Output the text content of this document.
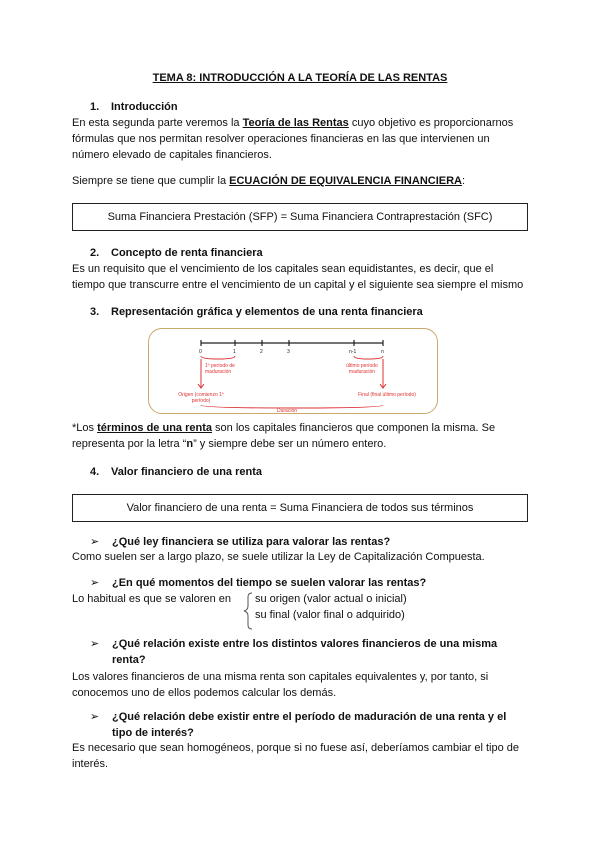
TEMA 8: INTRODUCCIÓN A LA TEORÍA DE LAS RENTAS
1. Introducción
En esta segunda parte veremos la Teoría de las Rentas cuyo objetivo es proporcionarnos
fórmulas que nos permitan resolver operaciones financieras en las que intervienen un
número elevado de capitales financieros.
Siempre se tiene que cumplir la ECUACIÓN DE EQUIVALENCIA FINANCIERA:
Suma Financiera Prestación (SFP) = Suma Financiera Contraprestación (SFC)
2. Concepto de renta financiera
Es un requisito que el vencimiento de los capitales sean equidistantes, es decir, que el
tiempo que transcurre entre el vencimiento de un capital y el siguiente sea siempre el mismo
3. Representación gráfica y elementos de una renta financiera
0	1	2	3	n-1	n
1º período de maduración
último período maduración
Origen (comienzo 1º período)
Final (final último período)
Duración
*Los términos de una renta son los capitales financieros que componen la misma. Se
representa por la letra “n” y siempre debe ser un número entero.
4. Valor financiero de una renta
Valor financiero de una renta = Suma Financiera de todos sus términos
➢ ¿Qué ley financiera se utiliza para valorar las rentas?
Como suelen ser a largo plazo, se suele utilizar la Ley de Capitalización Compuesta.
➢ ¿En qué momentos del tiempo se suelen valorar las rentas?
Lo habitual es que se valoren en su origen (valor actual o inicial)
su final (valor final o adquirido)
➢ ¿Qué relación existe entre los distintos valores financieros de una misma
renta?
Los valores financieros de una misma renta son capitales equivalentes y, por tanto, si
conocemos uno de ellos podemos calcular los demás.
➢ ¿Qué relación debe existir entre el período de maduración de una renta y el
tipo de interés?
Es necesario que sean homogéneos, porque si no fuese así, deberíamos cambiar el tipo de
interés.
